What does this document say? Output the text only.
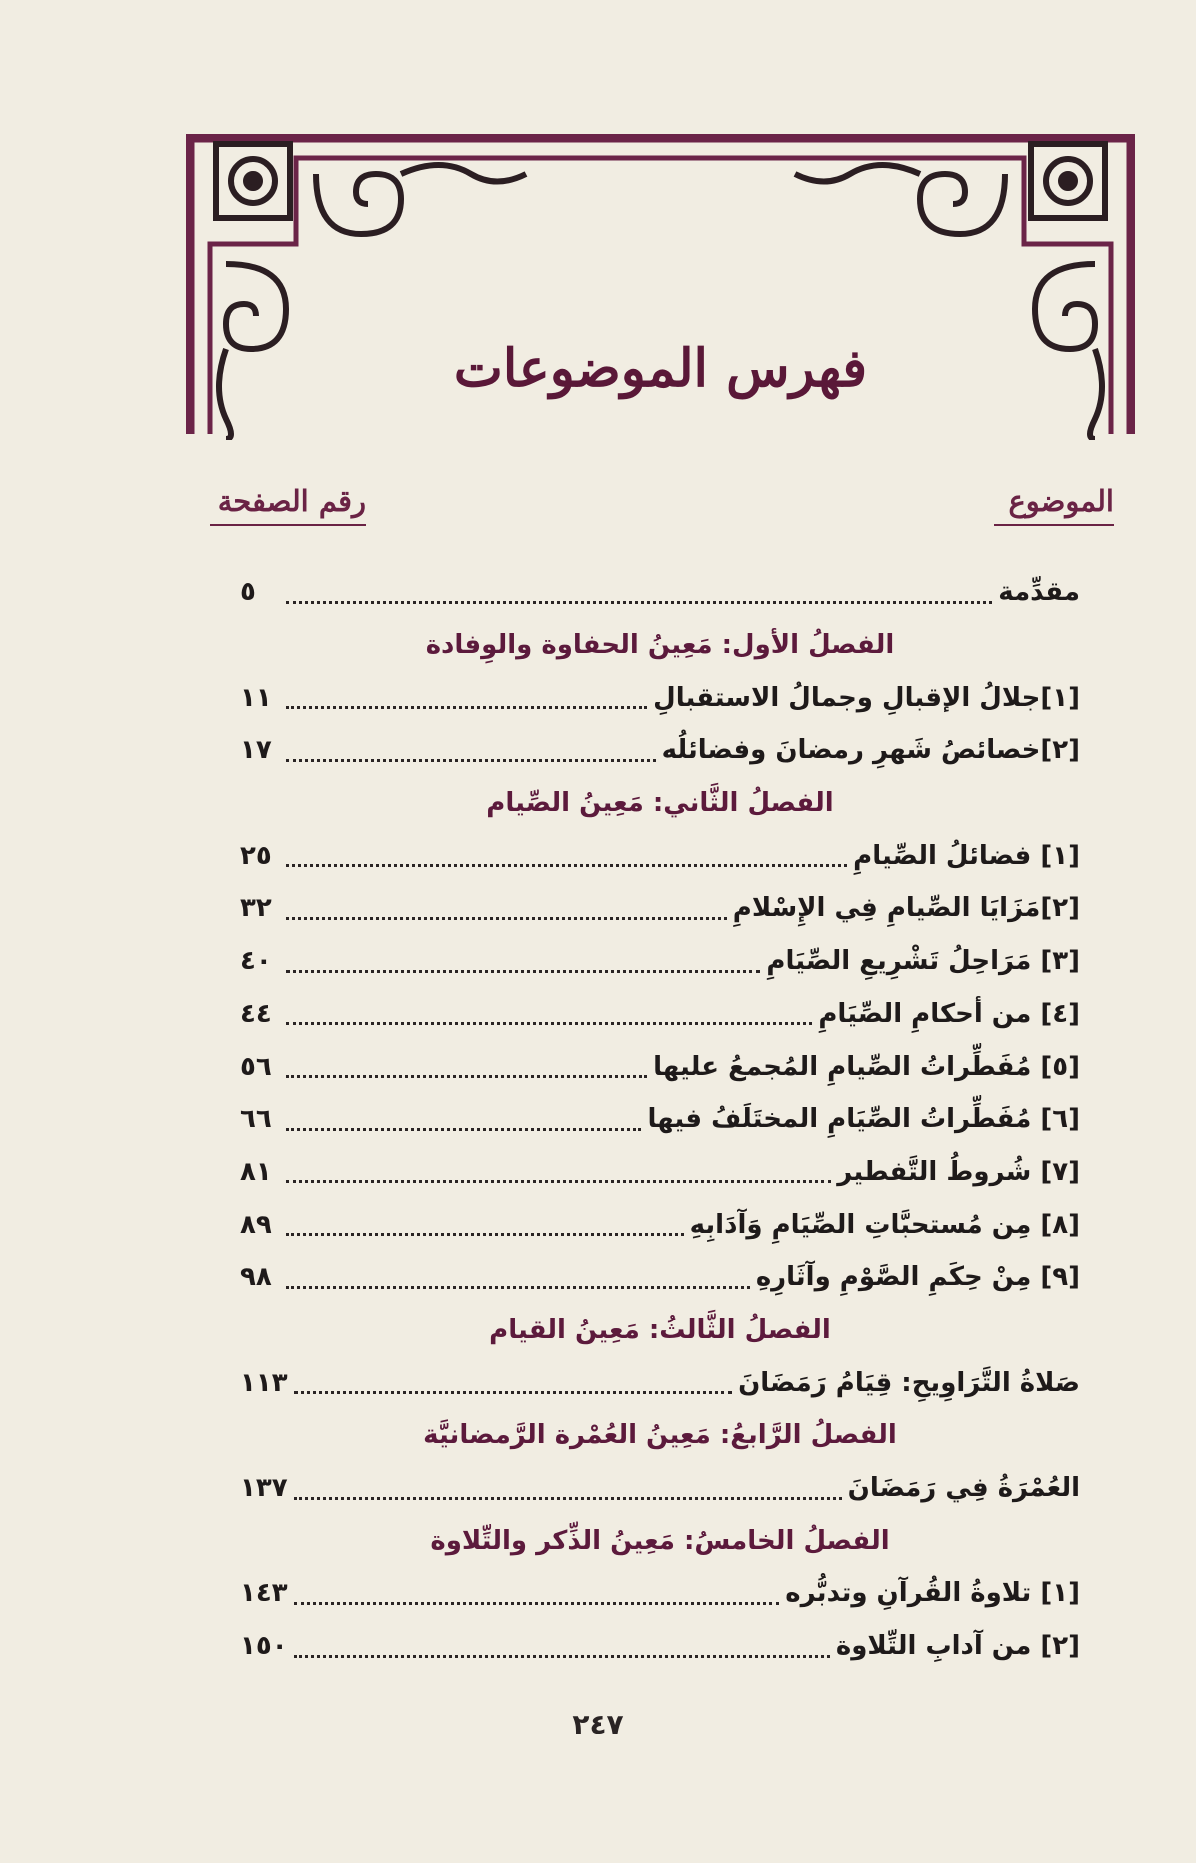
فهرس الموضوعات
الموضوع
رقم الصفحة
مقدِّمة
٥
الفصلُ الأول: مَعِينُ الحفاوة والوِفادة
[١]جلالُ الإقبالِ وجمالُ الاستقبالِ
١١
[٢]خصائصُ شَهرِ رمضانَ وفضائلُه
١٧
الفصلُ الثَّاني: مَعِينُ الصِّيام
[١] فضائلُ الصِّيامِ
٢٥
[٢]مَزَايَا الصِّيامِ فِي الإِسْلامِ
٣٢
[٣] مَرَاحِلُ تَشْرِيعِ الصِّيَامِ
٤٠
[٤] من أحكامِ الصِّيَامِ
٤٤
[٥] مُفَطِّراتُ الصِّيامِ المُجمعُ عليها
٥٦
[٦] مُفَطِّراتُ الصِّيَامِ المختَلَفُ فيها
٦٦
[٧] شُروطُ التَّفطير
٨١
[٨] مِن مُستحبَّاتِ الصِّيَامِ وَآدَابِهِ
٨٩
[٩] مِنْ حِكَمِ الصَّوْمِ وآثَارِهِ
٩٨
الفصلُ الثَّالثُ: مَعِينُ القيام
صَلاةُ التَّرَاوِيحِ: قِيَامُ رَمَضَانَ
١١٣
الفصلُ الرَّابعُ: مَعِينُ العُمْرة الرَّمضانيَّة
العُمْرَةُ فِي رَمَضَانَ
١٣٧
الفصلُ الخامسُ: مَعِينُ الذِّكر والتِّلاوة
[١] تلاوةُ القُرآنِ وتدبُّره
١٤٣
[٢] من آدابِ التِّلاوة
١٥٠
٢٤٧
